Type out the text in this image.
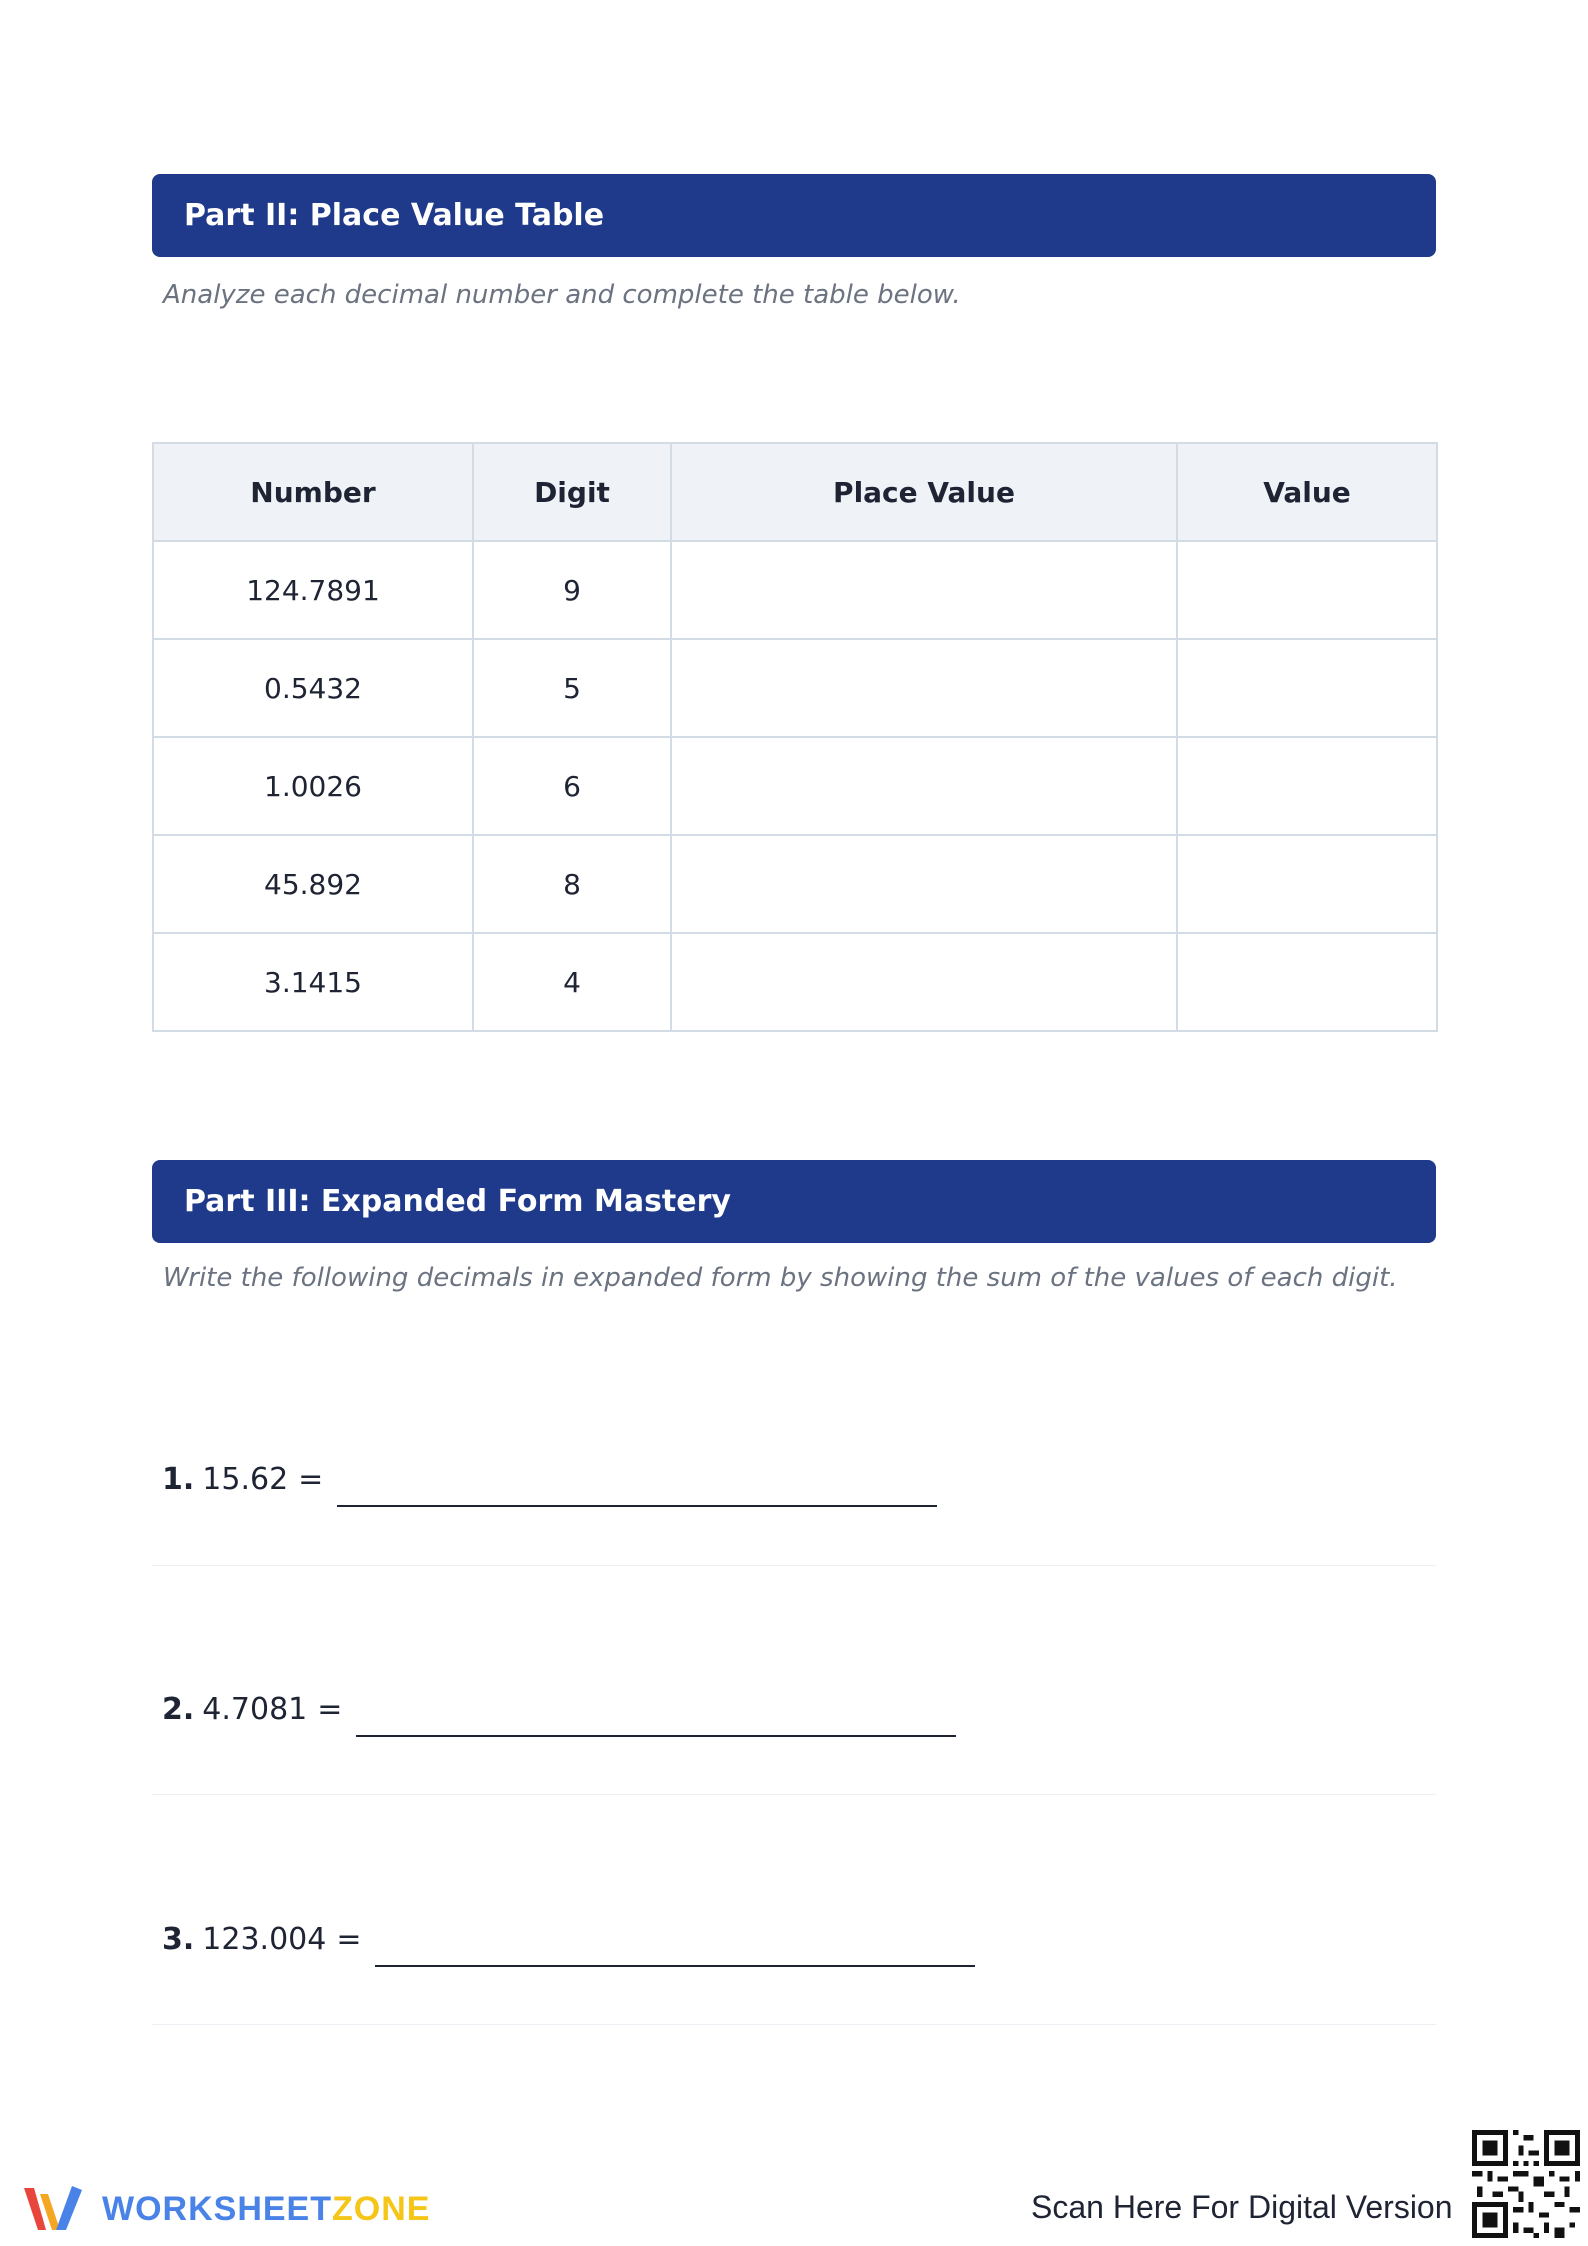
Part II: Place Value Table
Analyze each decimal number and complete the table below.
Number	Digit	Place Value	Value
124.7891	9		
0.5432	5		
1.0026	6		
45.892	8		
3.1415	4		
Part III: Expanded Form Mastery
Write the following decimals in expanded form by showing the sum of the values of each digit.
1. 15.62 =
2. 4.7081 =
3. 123.004 =
WORKSHEETZONE	Scan Here For Digital Version
